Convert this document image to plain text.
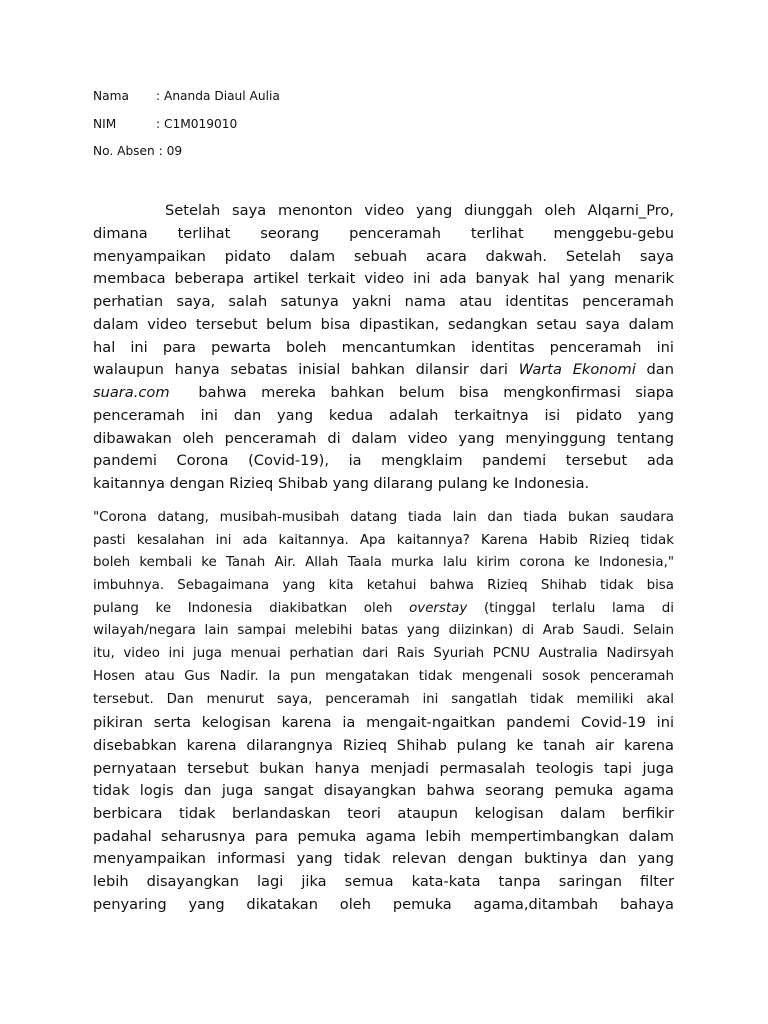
Nama : Ananda Diaul Aulia
NIM	: C1M019010
No. Absen : 09
Setelah saya menonton video yang diunggah oleh Alqarni_Pro,
dimana terlihat seorang penceramah terlihat menggebu-gebu
menyampaikan pidato dalam sebuah acara dakwah. Setelah saya
membaca beberapa artikel terkait video ini ada banyak hal yang menarik
perhatian saya, salah satunya yakni nama atau identitas penceramah
dalam video tersebut belum bisa dipastikan, sedangkan setau saya dalam
hal ini para pewarta boleh mencantumkan identitas penceramah ini
walaupun hanya sebatas inisial bahkan dilansir dari Warta Ekonomi dan
suara.com bahwa mereka bahkan belum bisa mengkonfirmasi siapa
penceramah ini dan yang kedua adalah terkaitnya isi pidato yang
dibawakan oleh penceramah di dalam video yang menyinggung tentang
pandemi Corona (Covid-19), ia mengklaim pandemi tersebut ada
kaitannya dengan Rizieq Shibab yang dilarang pulang ke Indonesia.
"Corona datang, musibah-musibah datang tiada lain dan tiada bukan saudara
pasti kesalahan ini ada kaitannya. Apa kaitannya? Karena Habib Rizieq tidak
boleh kembali ke Tanah Air. Allah Taala murka lalu kirim corona ke Indonesia,"
imbuhnya. Sebagaimana yang kita ketahui bahwa Rizieq Shihab tidak bisa
pulang ke Indonesia diakibatkan oleh overstay (tinggal terlalu lama di
wilayah/negara lain sampai melebihi batas yang diizinkan) di Arab Saudi. Selain
itu, video ini juga menuai perhatian dari Rais Syuriah PCNU Australia Nadirsyah
Hosen atau Gus Nadir. Ia pun mengatakan tidak mengenali sosok penceramah
tersebut. Dan menurut saya, penceramah ini sangatlah tidak memiliki akal
pikiran serta kelogisan karena ia mengait-ngaitkan pandemi Covid-19 ini
disebabkan karena dilarangnya Rizieq Shihab pulang ke tanah air karena
pernyataan tersebut bukan hanya menjadi permasalah teologis tapi juga
tidak logis dan juga sangat disayangkan bahwa seorang pemuka agama
berbicara tidak berlandaskan teori ataupun kelogisan dalam berfikir
padahal seharusnya para pemuka agama lebih mempertimbangkan dalam
menyampaikan informasi yang tidak relevan dengan buktinya dan yang
lebih disayangkan lagi jika semua kata-kata tanpa saringan filter
penyaring yang dikatakan oleh pemuka agama,ditambah bahaya
